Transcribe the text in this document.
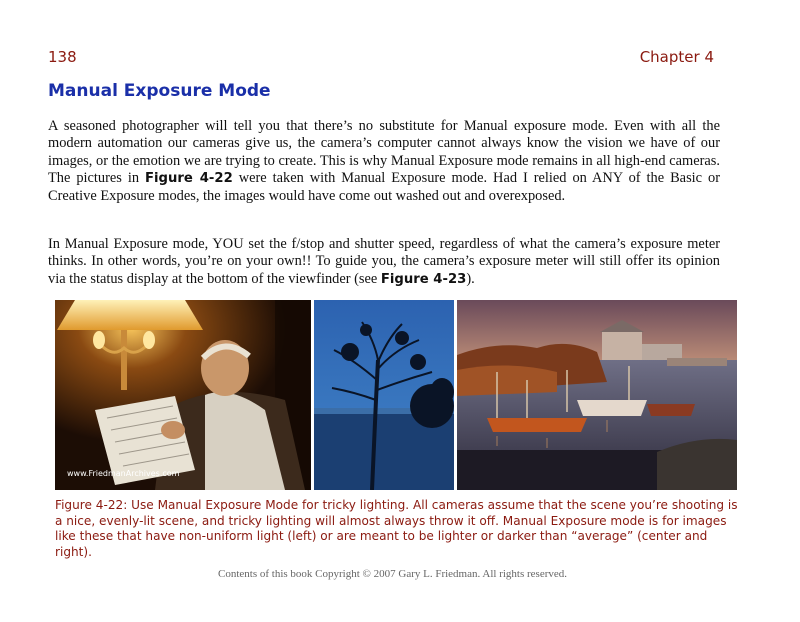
138	Chapter 4
Manual Exposure Mode

A seasoned photographer will tell you that there’s no substitute for Manual exposure mode. Even with all the modern automation our cameras give us, the camera’s computer cannot always know the vision we have of our images, or the emotion we are trying to create. This is why Manual Exposure mode remains in all high-end cameras. The pictures in Figure 4-22 were taken with Manual Exposure mode. Had I relied on ANY of the Basic or Creative Exposure modes, the images would have come out washed out and overexposed.

In Manual Exposure mode, YOU set the f/stop and shutter speed, regardless of what the camera’s exposure meter thinks. In other words, you’re on your own!! To guide you, the camera’s exposure meter will still offer its opinion via the status display at the bottom of the viewfinder (see Figure 4-23).

www.FriedmanArchives.com

Figure 4-22: Use Manual Exposure Mode for tricky lighting. All cameras assume that the scene you’re shooting is a nice, evenly-lit scene, and tricky lighting will almost always throw it off. Manual Exposure mode is for images like these that have non-uniform light (left) or are meant to be lighter or darker than “average” (center and right).

Contents of this book Copyright © 2007 Gary L. Friedman. All rights reserved.
